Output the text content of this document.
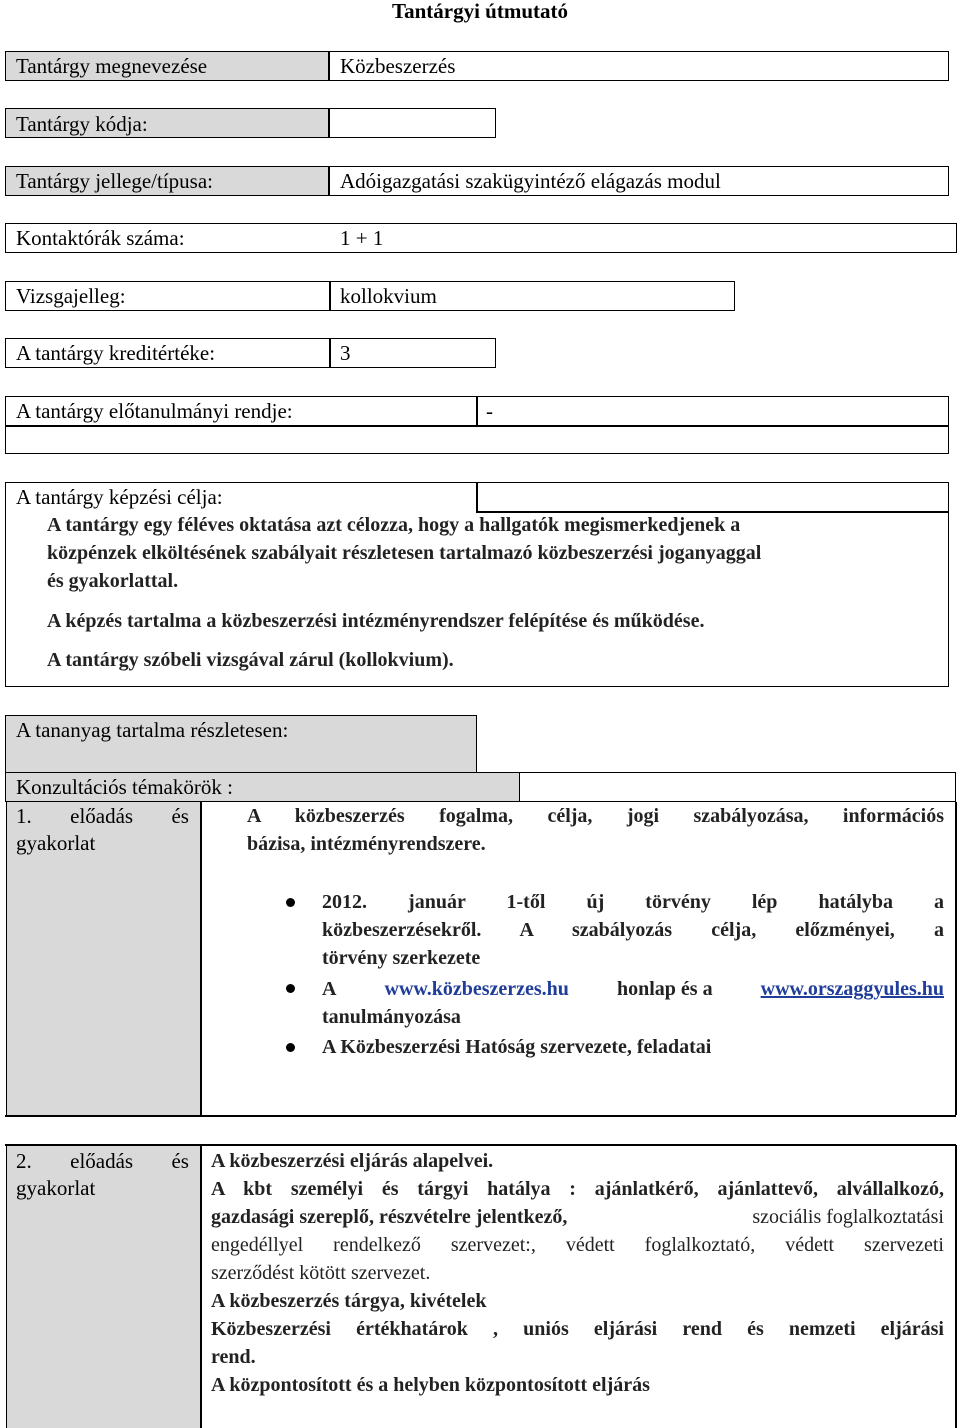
Tantárgyi útmutató
Tantárgy megnevezése	Közbeszerzés
Tantárgy kódja:
Tantárgy jellege/típusa:	Adóigazgatási szakügyintéző elágazás modul
Kontaktórák száma:	1 + 1
Vizsgajelleg:	kollokvium
A tantárgy kreditértéke:	3
A tantárgy előtanulmányi rendje:	-
A tantárgy képzési célja:
A tantárgy egy féléves oktatása azt célozza, hogy a hallgatók megismerkedjenek a
közpénzek elköltésének szabályait részletesen tartalmazó közbeszerzési joganyaggal
és gyakorlattal.
A képzés tartalma a közbeszerzési intézményrendszer felépítése és működése.
A tantárgy szóbeli vizsgával zárul (kollokvium).
A tananyag tartalma részletesen:
Konzultációs témakörök :
1. előadás és
gyakorlat
A közbeszerzés fogalma, célja, jogi szabályozása, információs
bázisa, intézményrendszere.
2012. január 1-től új törvény lép hatályba a
közbeszerzésekről. A szabályozás célja, előzményei, a
törvény szerkezete
A www.közbeszerzes.hu honlap és a www.orszaggyules.hu
tanulmányozása
A Közbeszerzési Hatóság szervezete, feladatai
2. előadás és
gyakorlat
A közbeszerzési eljárás alapelvei.
A kbt személyi és tárgyi hatálya : ajánlatkérő, ajánlattevő, alvállalkozó,
gazdasági szereplő, részvételre jelentkező,	szociális foglalkoztatási
engedéllyel rendelkező szervezet:, védett foglalkoztató, védett szervezeti
szerződést kötött szervezet.
A közbeszerzés tárgya, kivételek
Közbeszerzési értékhatárok , uniós eljárási rend és nemzeti eljárási
rend.
A központosított és a helyben központosított eljárás
